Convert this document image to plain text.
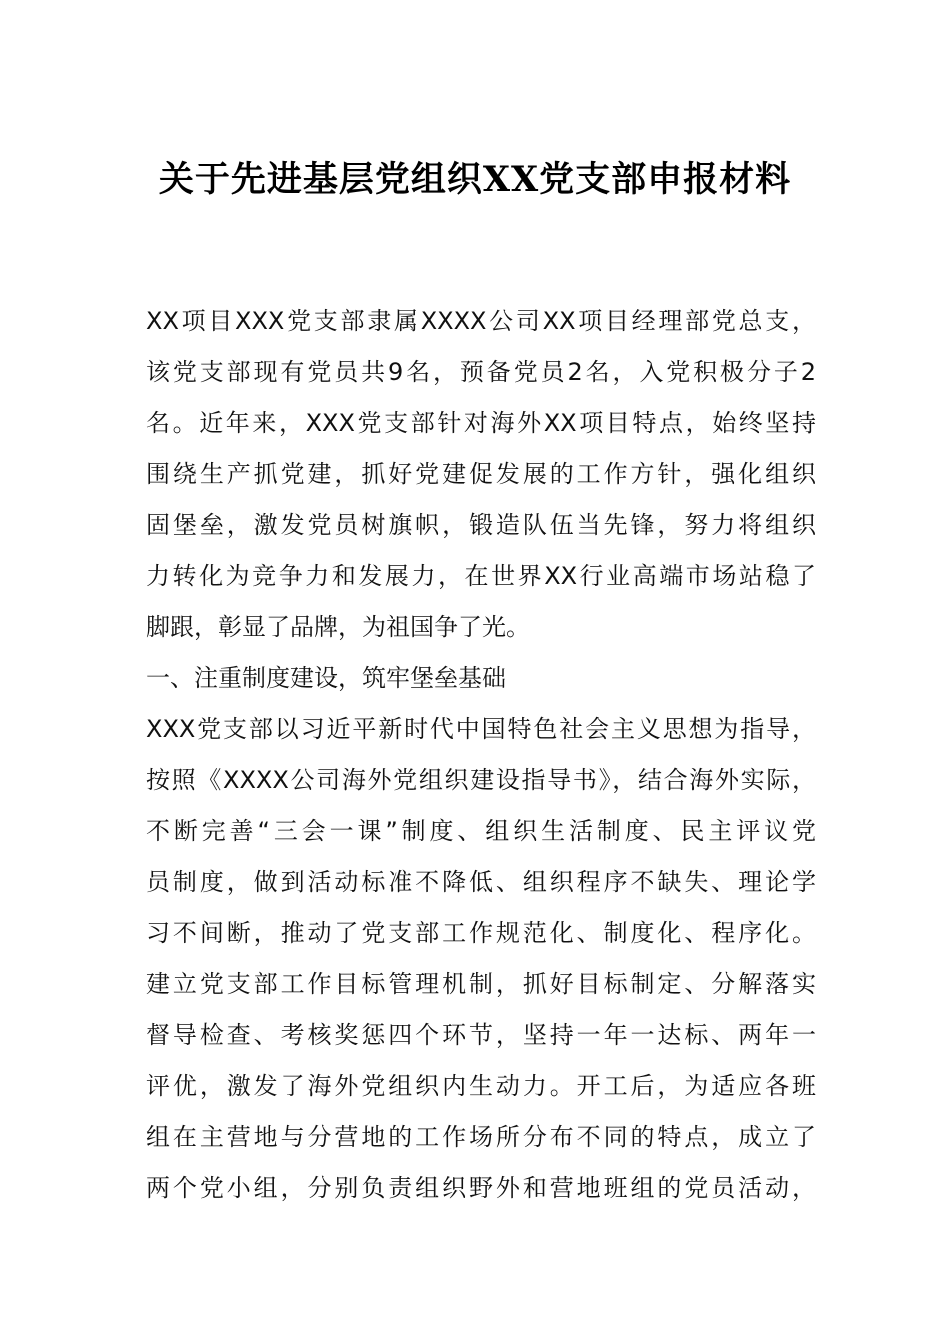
关于先进基层党组织XX党支部申报材料
XX项目XXX党支部隶属XXXX公司XX项目经理部党总支，
该党支部现有党员共9名，预备党员2名，入党积极分子2
名。近年来，XXX党支部针对海外XX项目特点，始终坚持
围绕生产抓党建，抓好党建促发展的工作方针，强化组织
固堡垒，激发党员树旗帜，锻造队伍当先锋，努力将组织
力转化为竞争力和发展力，在世界XX行业高端市场站稳了
脚跟，彰显了品牌，为祖国争了光。
一、注重制度建设，筑牢堡垒基础
XXX党支部以习近平新时代中国特色社会主义思想为指导，
按照《XXXX公司海外党组织建设指导书》，结合海外实际，
不断完善“三会一课”制度、组织生活制度、民主评议党
员制度，做到活动标准不降低、组织程序不缺失、理论学
习不间断，推动了党支部工作规范化、制度化、程序化。
建立党支部工作目标管理机制，抓好目标制定、分解落实
督导检查、考核奖惩四个环节，坚持一年一达标、两年一
评优，激发了海外党组织内生动力。开工后，为适应各班
组在主营地与分营地的工作场所分布不同的特点，成立了
两个党小组，分别负责组织野外和营地班组的党员活动，
